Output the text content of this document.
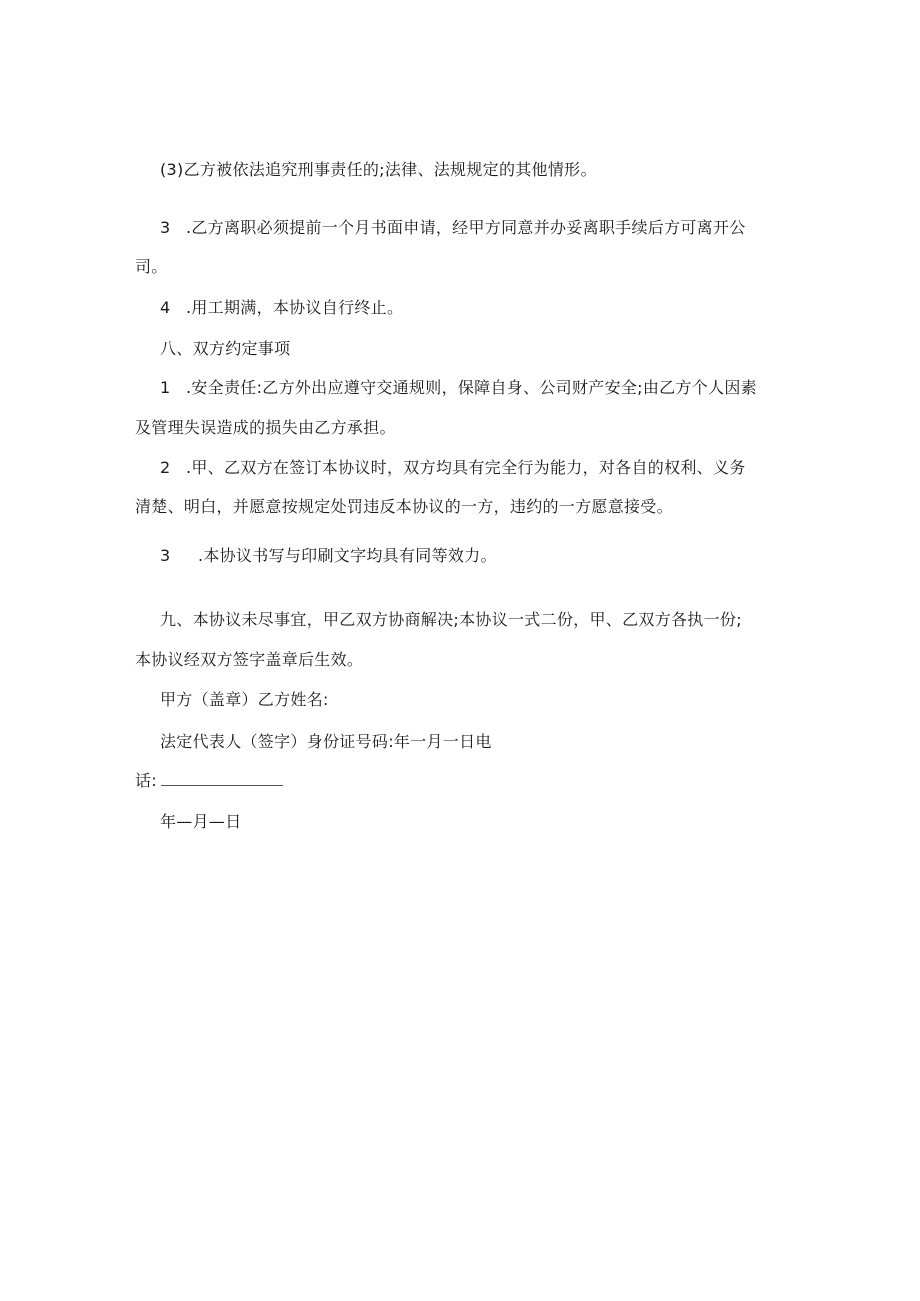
(3)乙方被依法追究刑事责任的;法律、法规规定的其他情形。
3 .乙方离职必须提前一个月书面申请，经甲方同意并办妥离职手续后方可离开公
司。
4 .用工期满，本协议自行终止。
八、双方约定事项
1 .安全责任:乙方外出应遵守交通规则，保障自身、公司财产安全;由乙方个人因素
及管理失误造成的损失由乙方承担。
2 .甲、乙双方在签订本协议时，双方均具有完全行为能力，对各自的权利、义务
清楚、明白，并愿意按规定处罚违反本协议的一方，违约的一方愿意接受。
3 .本协议书写与印刷文字均具有同等效力。
九、本协议未尽事宜，甲乙双方协商解决;本协议一式二份，甲、乙双方各执一份;
本协议经双方签字盖章后生效。
甲方（盖章）乙方姓名:
法定代表人（签字）身份证号码:年一月一日电
话:
年—月—日
